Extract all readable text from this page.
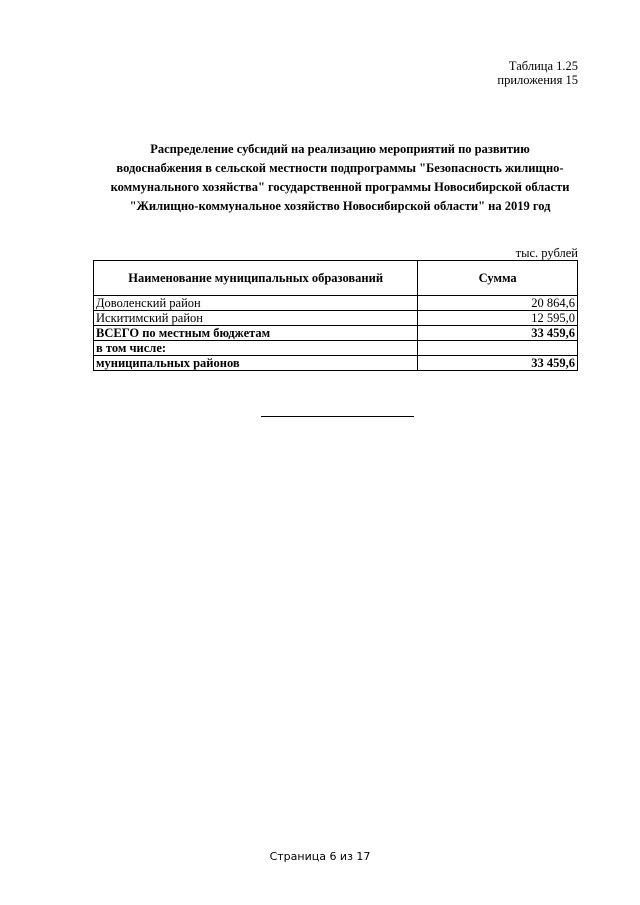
Таблица 1.25
приложения 15
Распределение субсидий на реализацию мероприятий по развитию
водоснабжения в сельской местности подпрограммы "Безопасность жилищно-
коммунального хозяйства" государственной программы Новосибирской области
"Жилищно-коммунальное хозяйство Новосибирской области" на 2019 год
тыс. рублей
Наименование муниципальных образований	Сумма
Доволенский район	20 864,6
Искитимский район	12 595,0
ВСЕГО по местным бюджетам	33 459,6
в том числе:	
муниципальных районов	33 459,6
Страница 6 из 17
